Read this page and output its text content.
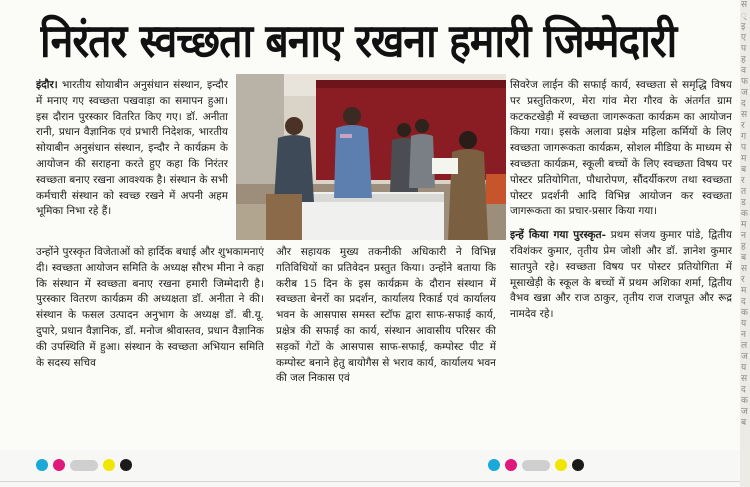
निरंतर स्वच्छता बनाए रखना हमारी जिम्मेदारी

इंदौर। भारतीय सोयाबीन अनुसंधान संस्थान, इन्दौर में मनाए गए स्वच्छता पखवाड़ा का समापन हुआ। इस दौरान पुरस्कार वितरित किए गए। डॉ. अनीता रानी, प्रधान वैज्ञानिक एवं प्रभारी निदेशक, भारतीय सोयाबीन अनुसंधान संस्थान, इन्दौर ने कार्यक्रम के आयोजन की सराहना करते हुए कहा कि निरंतर स्वच्छता बनाए रखना आवश्यक है। संस्थान के सभी कर्मचारी संस्थान को स्वच्छ रखने में अपनी अहम भूमिका निभा रहे हैं।

उन्होंने पुरस्कृत विजेताओं को हार्दिक बधाई और शुभकामनाएं दी। स्वच्छता आयोजन समिति के अध्यक्ष सौरभ मीना ने कहा कि संस्थान में स्वच्छता बनाए रखना हमारी जिम्मेदारी है। पुरस्कार वितरण कार्यक्रम की अध्यक्षता डॉ. अनीता ने की। संस्थान के फसल उत्पादन अनुभाग के अध्यक्ष डॉ. बी.यू. दुपारे, प्रधान वैज्ञानिक, डॉ. मनोज श्रीवास्तव, प्रधान वैज्ञानिक की उपस्थिति में हुआ। संस्थान के स्वच्छता अभियान समिति के सदस्य सचिव

और सहायक मुख्य तकनीकी अधिकारी ने विभिन्न गतिविधियों का प्रतिवेदन प्रस्तुत किया। उन्होंने बताया कि करीब 15 दिन के इस कार्यक्रम के दौरान संस्थान में स्वच्छता बेनरों का प्रदर्शन, कार्यालय रिकार्ड एवं कार्यालय भवन के आसपास समस्त स्टॉफ द्वारा साफ-सफाई कार्य, प्रक्षेत्र की सफाई का कार्य, संस्थान आवासीय परिसर की सड़कों गेटों के आसपास साफ-सफाई, कम्पोस्ट पीट में कम्पोस्ट बनाने हेतु बायोगैस से भराव कार्य, कार्यालय भवन की जल निकास एवं

सिवरेज लाईन की सफाई कार्य, स्वच्छता से समृद्धि विषय पर प्रस्तुतिकरण, मेरा गांव मेरा गौरव के अंतर्गत ग्राम कटकटखेड़ी में स्वच्छता जागरूकता कार्यक्रम का आयोजन किया गया। इसके अलावा प्रक्षेत्र महिला कर्मियों के लिए स्वच्छता जागरूकता कार्यक्रम, सोशल मीडिया के माध्यम से स्वच्छता कार्यक्रम, स्कूली बच्चों के लिए स्वच्छता विषय पर पोस्टर प्रतियोगिता, पौधारोपण, सौंदर्यीकरण तथा स्वच्छता पोस्टर प्रदर्शनी आदि विभिन्न आयोजन कर स्वच्छता जागरूकता का प्रचार-प्रसार किया गया।

इन्हें किया गया पुरस्कृत- प्रथम संजय कुमार पांडे, द्वितीय रविशंकर कुमार, तृतीय प्रेम जोशी और डॉ. ज्ञानेश कुमार सातपुते रहे। स्वच्छता विषय पर पोस्टर प्रतियोगिता में मूसाखेड़ी के स्कूल के बच्चों में प्रथम अशिका शर्मा, द्वितीय वैभव खन्ना और राज ठाकुर, तृतीय राज राजपूत और रूद्र नामदेव रहे।

स
्
इ
ए
प
ह
व
फ
ज
द
स
र
ग
प
म
ब
र
त
ड
क
म
न
ह
ब
स
र
म
द
क
य
न
ल
ज
य
स
द
क
ज
ब
